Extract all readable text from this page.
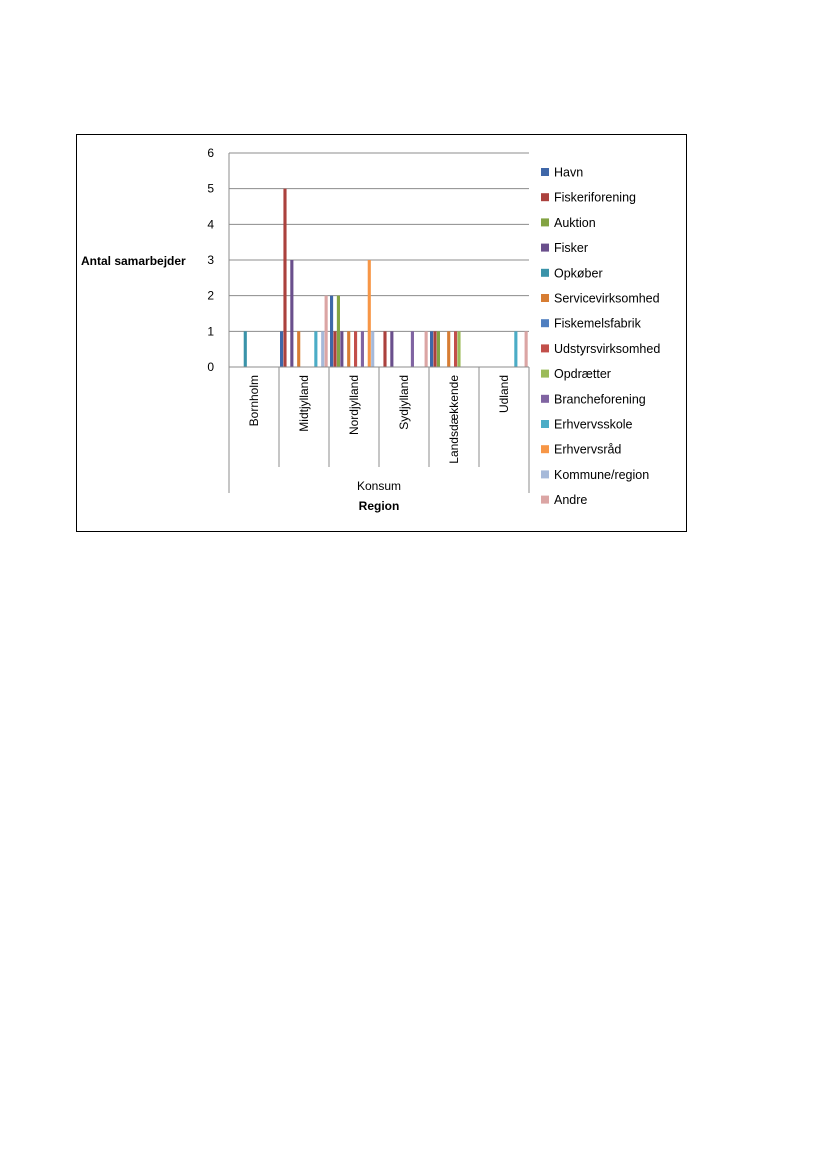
0
1
2
3
4
5
6
Bornholm	Midtjylland	Nordjylland	Sydjylland	Landsdækkende	Udland
Antal samarbejder
Konsum
Region
Havn
Fiskeriforening
Auktion
Fisker
Opkøber
Servicevirksomhed
Fiskemelsfabrik
Udstyrsvirksomhed
Opdrætter
Brancheforening
Erhvervsskole
Erhvervsråd
Kommune/region
Andre
